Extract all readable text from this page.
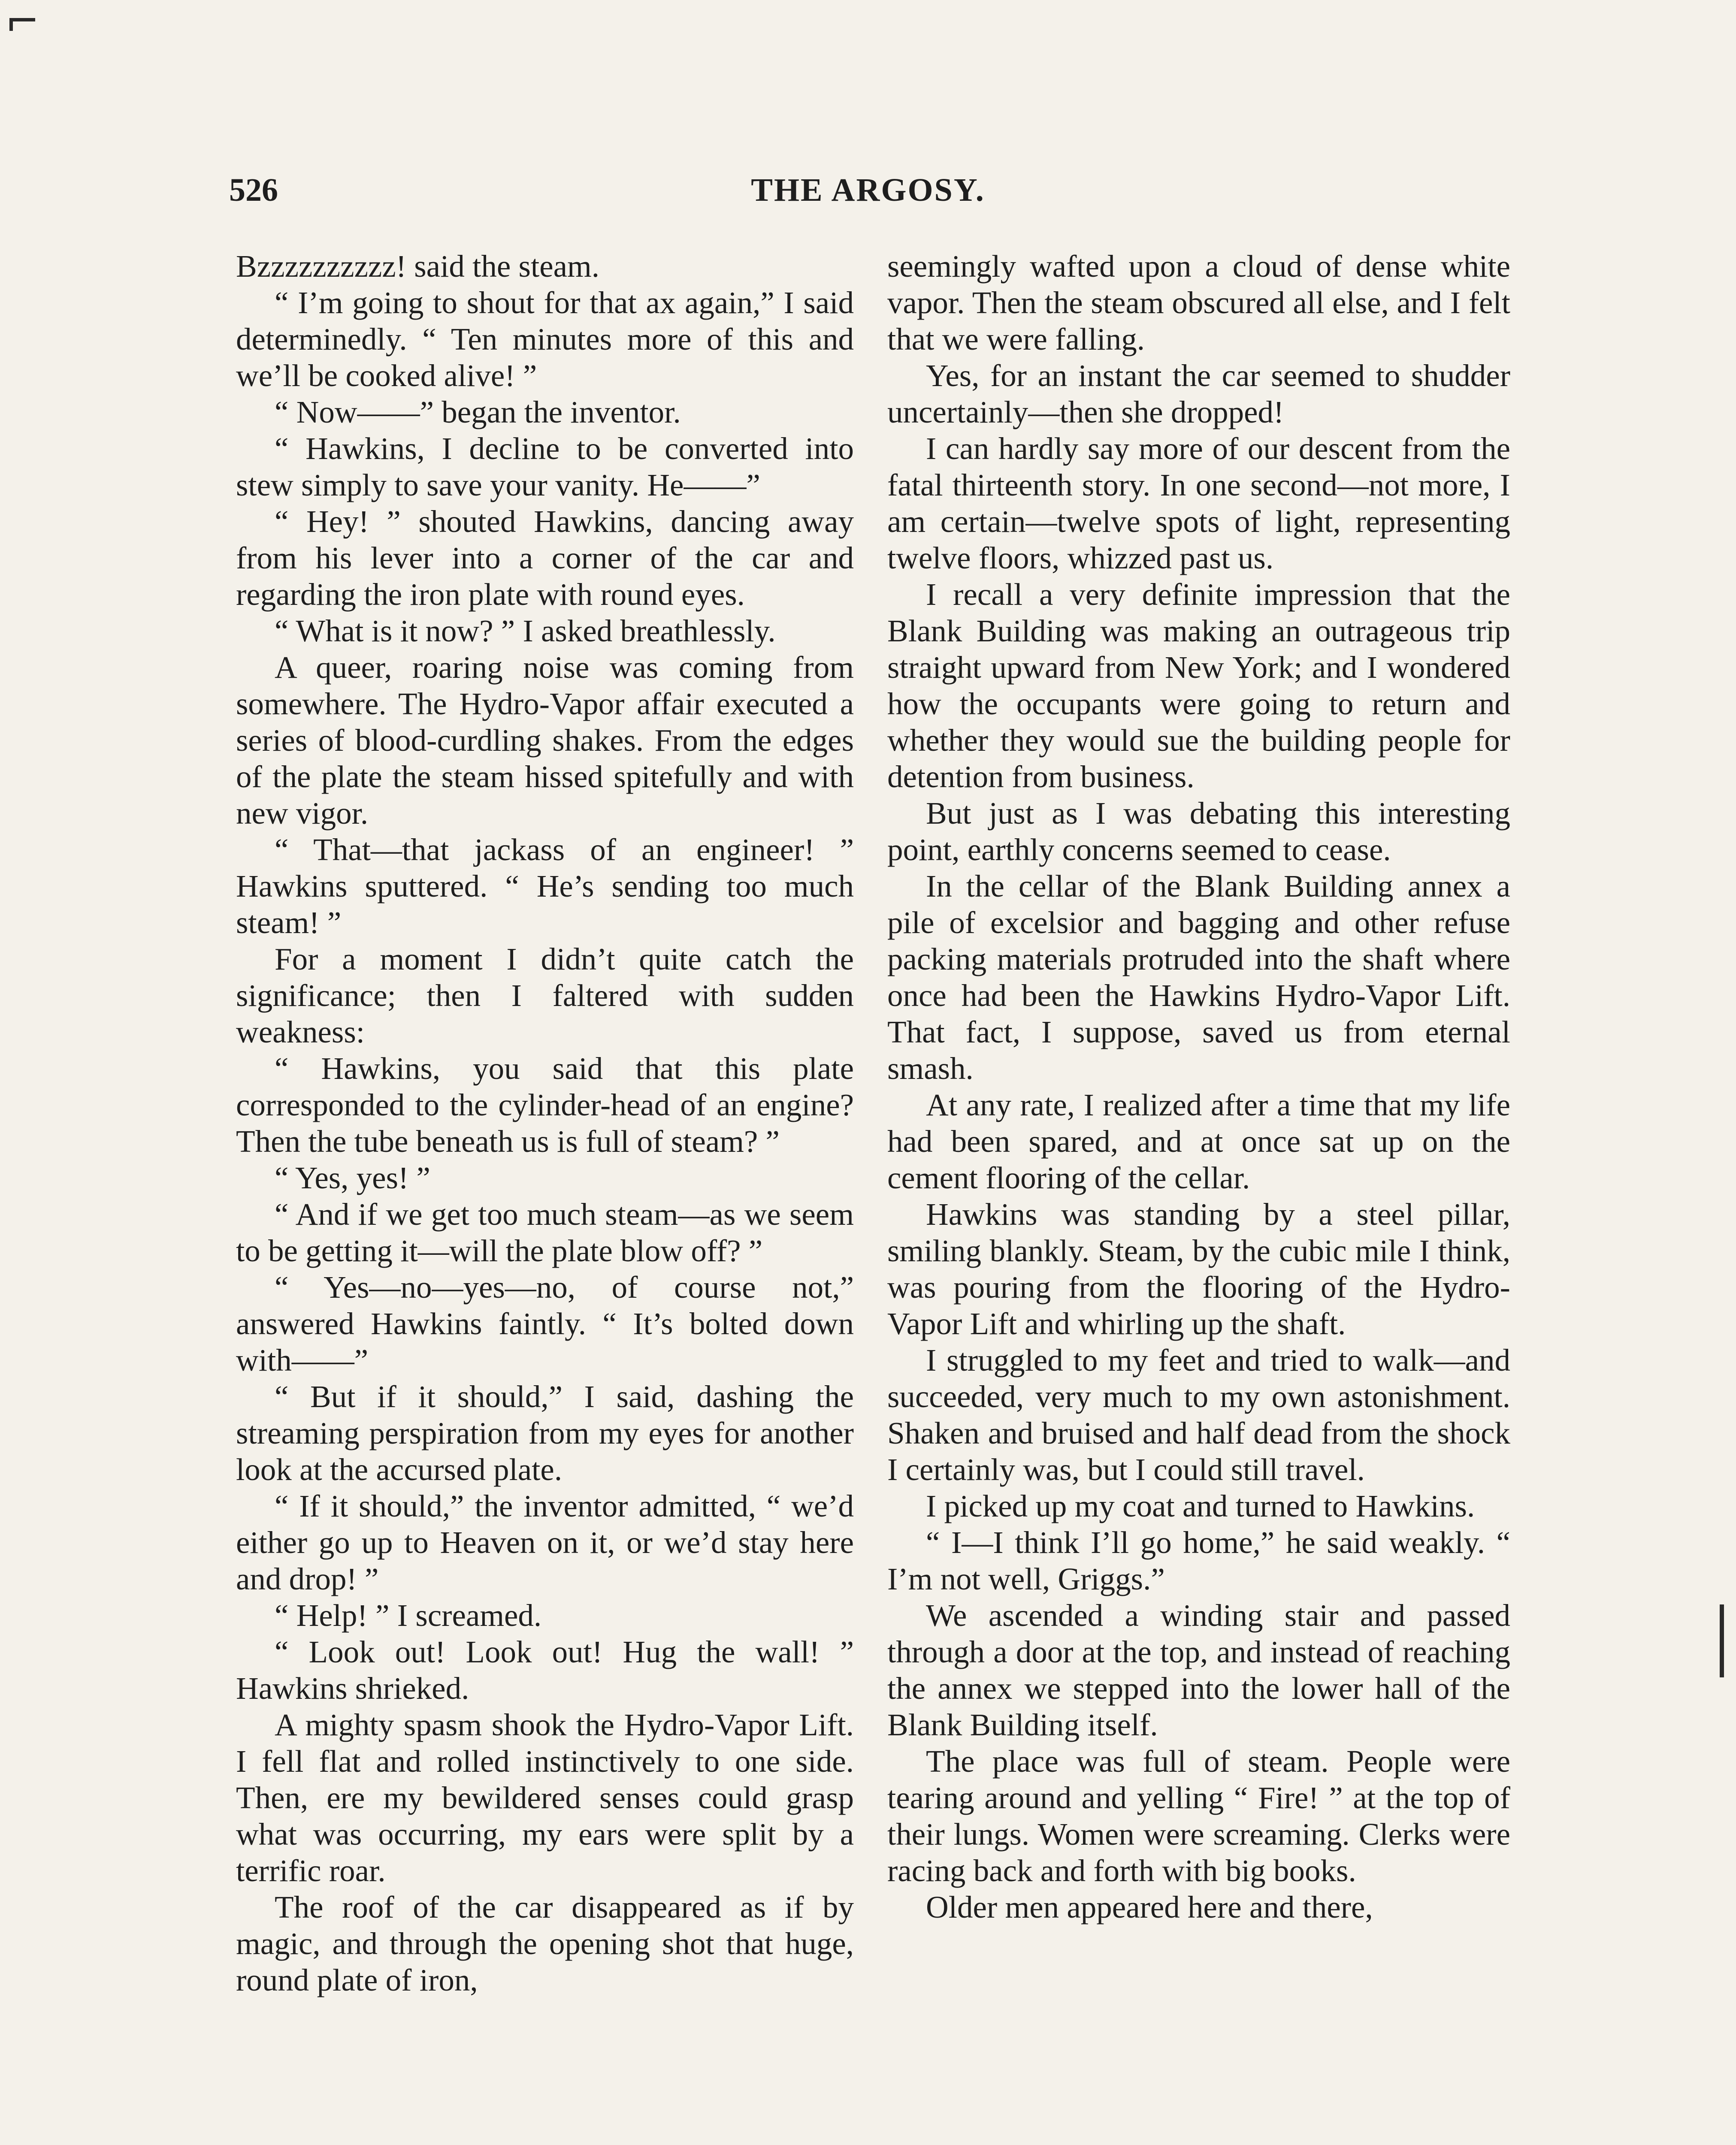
526	THE ARGOSY.

Bzzzzzzzzzz! said the steam.

“ I’m going to shout for that ax again,” I said determinedly. “ Ten minutes more of this and we’ll be cooked alive! ”

“ Now——” began the inventor.

“ Hawkins, I decline to be converted into stew simply to save your vanity. He——”

“ Hey! ” shouted Hawkins, dancing away from his lever into a corner of the car and regarding the iron plate with round eyes.

“ What is it now? ” I asked breathlessly.

A queer, roaring noise was coming from somewhere. The Hydro-Vapor affair executed a series of blood-curdling shakes. From the edges of the plate the steam hissed spitefully and with new vigor.

“ That—that jackass of an engineer! ” Hawkins sputtered. “ He’s sending too much steam! ”

For a moment I didn’t quite catch the significance; then I faltered with sudden weakness:

“ Hawkins, you said that this plate corresponded to the cylinder-head of an engine? Then the tube beneath us is full of steam? ”

“ Yes, yes! ”

“ And if we get too much steam—as we seem to be getting it—will the plate blow off? ”

“ Yes—no—yes—no, of course not,” answered Hawkins faintly. “ It’s bolted down with——”

“ But if it should,” I said, dashing the streaming perspiration from my eyes for another look at the accursed plate.

“ If it should,” the inventor admitted, “ we’d either go up to Heaven on it, or we’d stay here and drop! ”

“ Help! ” I screamed.

“ Look out! Look out! Hug the wall! ” Hawkins shrieked.

A mighty spasm shook the Hydro-Vapor Lift. I fell flat and rolled instinctively to one side. Then, ere my bewildered senses could grasp what was occurring, my ears were split by a terrific roar.

The roof of the car disappeared as if by magic, and through the opening shot that huge, round plate of iron,

seemingly wafted upon a cloud of dense white vapor. Then the steam obscured all else, and I felt that we were falling.

Yes, for an instant the car seemed to shudder uncertainly—then she dropped!

I can hardly say more of our descent from the fatal thirteenth story. In one second—not more, I am certain—twelve spots of light, representing twelve floors, whizzed past us.

I recall a very definite impression that the Blank Building was making an outrageous trip straight upward from New York; and I wondered how the occupants were going to return and whether they would sue the building people for detention from business.

But just as I was debating this interesting point, earthly concerns seemed to cease.

In the cellar of the Blank Building annex a pile of excelsior and bagging and other refuse packing materials protruded into the shaft where once had been the Hawkins Hydro-Vapor Lift. That fact, I suppose, saved us from eternal smash.

At any rate, I realized after a time that my life had been spared, and at once sat up on the cement flooring of the cellar.

Hawkins was standing by a steel pillar, smiling blankly. Steam, by the cubic mile I think, was pouring from the flooring of the Hydro-Vapor Lift and whirling up the shaft.

I struggled to my feet and tried to walk—and succeeded, very much to my own astonishment. Shaken and bruised and half dead from the shock I certainly was, but I could still travel.

I picked up my coat and turned to Hawkins.

“ I—I think I’ll go home,” he said weakly. “ I’m not well, Griggs.”

We ascended a winding stair and passed through a door at the top, and instead of reaching the annex we stepped into the lower hall of the Blank Building itself.

The place was full of steam. People were tearing around and yelling “ Fire! ” at the top of their lungs. Women were screaming. Clerks were racing back and forth with big books.

Older men appeared here and there,
